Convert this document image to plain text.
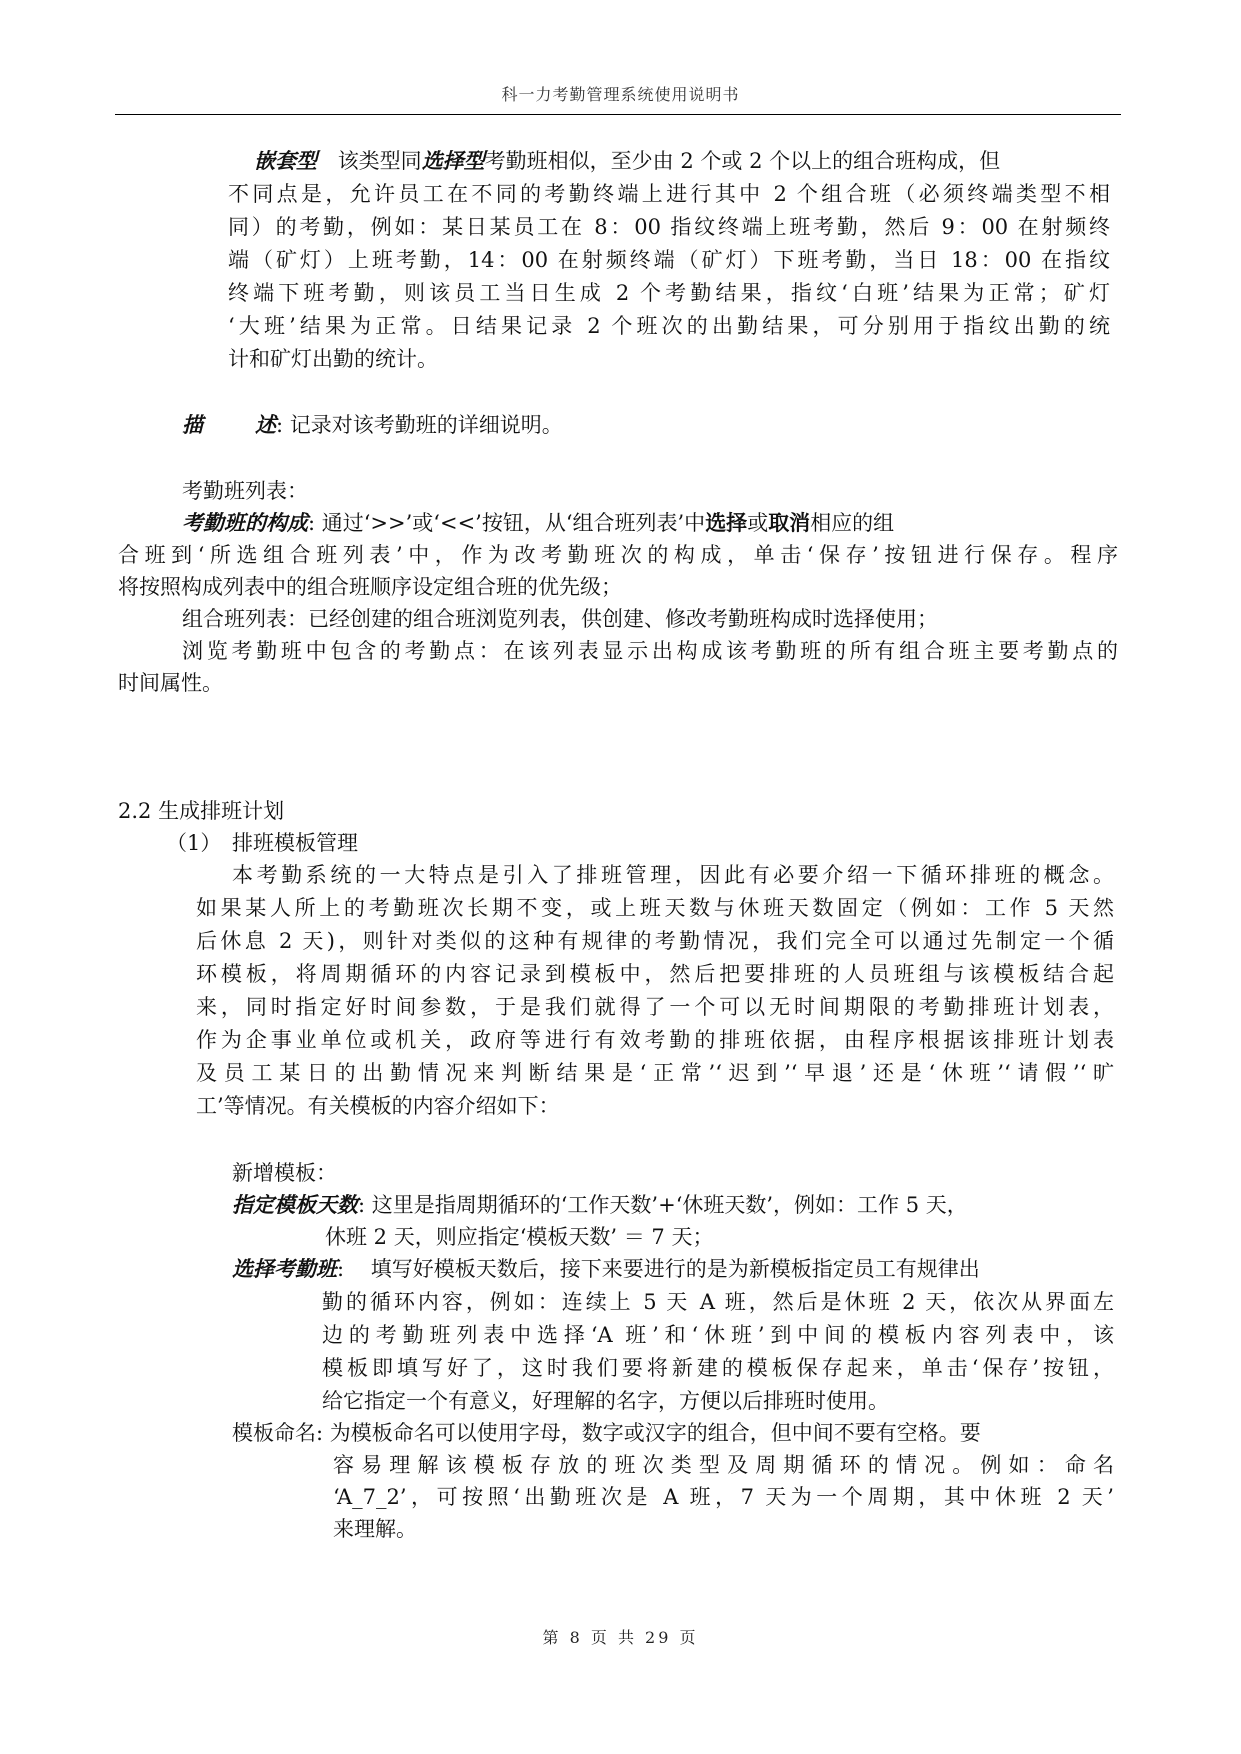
科一力考勤管理系统使用说明书
嵌套型 该类型同选择型考勤班相似，至少由 2 个或 2 个以上的组合班构成，但
不同点是，允许员工在不同的考勤终端上进行其中 2 个组合班（必须终端类型不相
同）的考勤，例如：某日某员工在 8：00 指纹终端上班考勤，然后 9：00 在射频终
端（矿灯）上班考勤，14：00 在射频终端（矿灯）下班考勤，当日 18：00 在指纹
终端下班考勤，则该员工当日生成 2 个考勤结果，指纹‘白班’结果为正常；矿灯
‘大班’结果为正常。日结果记录 2 个班次的出勤结果，可分别用于指纹出勤的统
计和矿灯出勤的统计。
描 述: 记录对该考勤班的详细说明。
考勤班列表：
考勤班的构成: 通过‘>>’或‘<<’按钮，从‘组合班列表’中选择或取消相应的组
合班到‘所选组合班列表’中，作为改考勤班次的构成，单击‘保存’按钮进行保存。程序
将按照构成列表中的组合班顺序设定组合班的优先级；
组合班列表：已经创建的组合班浏览列表，供创建、修改考勤班构成时选择使用；
浏览考勤班中包含的考勤点：在该列表显示出构成该考勤班的所有组合班主要考勤点的
时间属性。
2.2 生成排班计划
（1） 排班模板管理
本考勤系统的一大特点是引入了排班管理，因此有必要介绍一下循环排班的概念。
如果某人所上的考勤班次长期不变，或上班天数与休班天数固定（例如：工作 5 天然
后休息 2 天)，则针对类似的这种有规律的考勤情况，我们完全可以通过先制定一个循
环模板，将周期循环的内容记录到模板中，然后把要排班的人员班组与该模板结合起
来，同时指定好时间参数，于是我们就得了一个可以无时间期限的考勤排班计划表，
作为企事业单位或机关，政府等进行有效考勤的排班依据，由程序根据该排班计划表
及员工某日的出勤情况来判断结果是‘正常’‘迟到’‘早退’还是‘休班’‘请假’‘旷
工’等情况。有关模板的内容介绍如下：
新增模板：
指定模板天数: 这里是指周期循环的‘工作天数’+‘休班天数’，例如：工作 5 天，
休班 2 天，则应指定‘模板天数’ ＝ 7 天；
选择考勤班:    填写好模板天数后，接下来要进行的是为新模板指定员工有规律出
勤的循环内容，例如：连续上 5 天 A 班，然后是休班 2 天，依次从界面左
边的考勤班列表中选择‘A 班’和‘休班’到中间的模板内容列表中，该
模板即填写好了，这时我们要将新建的模板保存起来，单击‘保存’按钮，
给它指定一个有意义，好理解的名字，方便以后排班时使用。
模板命名: 为模板命名可以使用字母，数字或汉字的组合，但中间不要有空格。要
容易理解该模板存放的班次类型及周期循环的情况。例如：命名
‘A_7_2’，可按照‘出勤班次是 A 班，7 天为一个周期，其中休班 2 天’
来理解。
第 8 页 共 29 页
